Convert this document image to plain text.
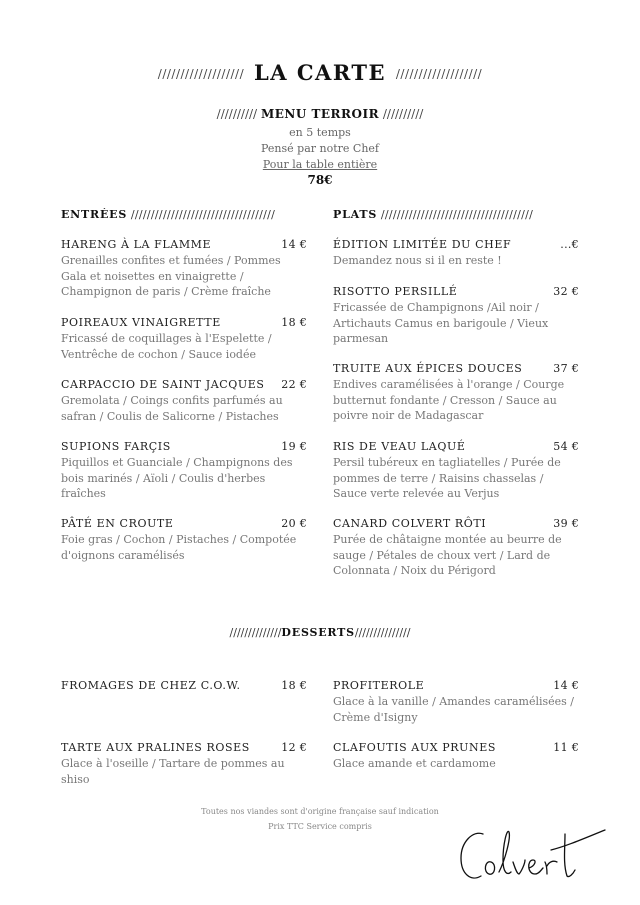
/////////////////// LA CARTE ///////////////////
////////// MENU TERROIR //////////
en 5 temps
Pensé par notre Chef
Pour la table entière
78€
ENTRÉES ////////////////////////////////////	PLATS //////////////////////////////////////
HARENG À LA FLAMME	14 €
Grenailles confites et fumées / Pommes Gala et noisettes en vinaigrette / Champignon de paris / Crème fraîche
POIREAUX VINAIGRETTE	18 €
Fricassé de coquillages à l'Espelette / Ventrêche de cochon / Sauce iodée
CARPACCIO DE SAINT JACQUES 22 €
Gremolata / Coings confits parfumés au safran / Coulis de Salicorne / Pistaches
SUPIONS FARÇIS	19 €
Piquillos et Guanciale / Champignons des bois marinés / Aïoli / Coulis d'herbes fraîches
PÂTÉ EN CROUTE	20 €
Foie gras / Cochon / Pistaches / Compotée d'oignons caramélisés
ÉDITION LIMITÉE DU CHEF	...€
Demandez nous si il en reste !
RISOTTO PERSILLÉ	32 €
Fricassée de Champignons /Ail noir / Artichauts Camus en barigoule / Vieux parmesan
TRUITE AUX ÉPICES DOUCES	37 €
Endives caramélisées à l'orange / Courge butternut fondante / Cresson / Sauce au poivre noir de Madagascar
RIS DE VEAU LAQUÉ	54 €
Persil tubéreux en tagliatelles / Purée de pommes de terre / Raisins chasselas / Sauce verte relevée au Verjus
CANARD COLVERT RÔTI	39 €
Purée de châtaigne montée au beurre de sauge / Pétales de choux vert / Lard de Colonnata / Noix du Périgord
//////////////DESSERTS///////////////
FROMAGES DE CHEZ C.O.W.	18 €
TARTE AUX PRALINES ROSES	12 €
Glace à l'oseille / Tartare de pommes au shiso
PROFITEROLE	14 €
Glace à la vanille / Amandes caramélisées / Crème d'Isigny
CLAFOUTIS AUX PRUNES	11 €
Glace amande et cardamome
Toutes nos viandes sont d'origine française sauf indication
Prix TTC Service compris
